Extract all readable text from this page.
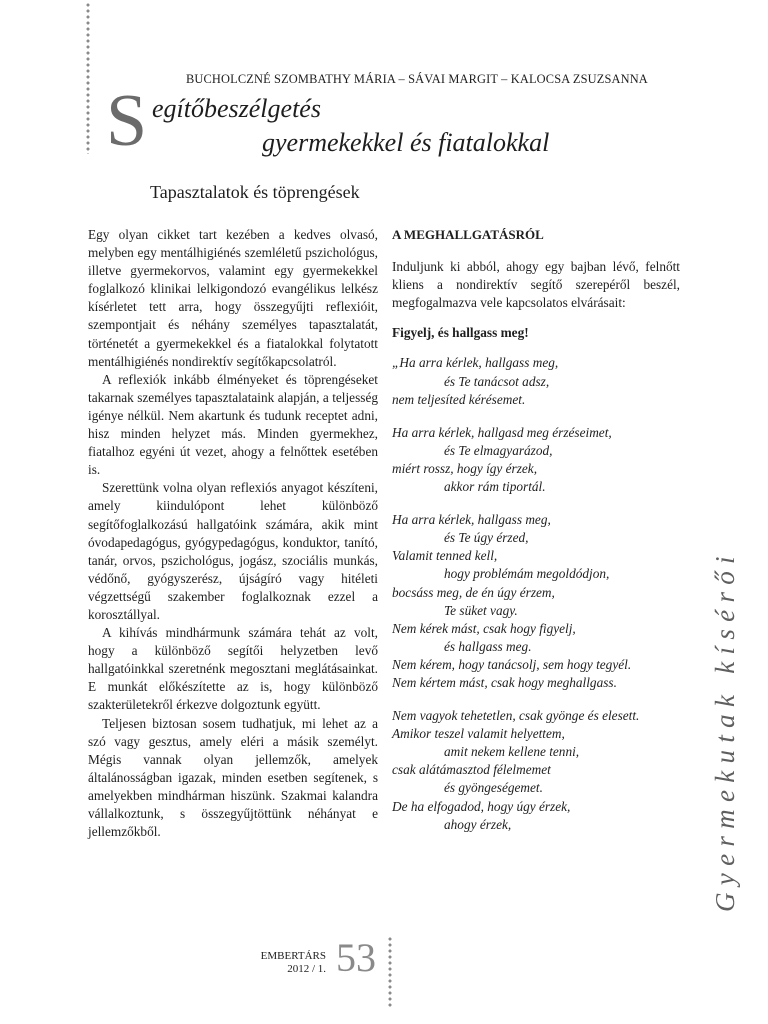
BUCHOLCZNÉ SZOMBATHY MÁRIA – SÁVAI MARGIT – KALOCSA ZSUZSANNA
S egítőbeszélgetés
gyermekekkel és fiatalokkal
Tapasztalatok és töprengések

Egy olyan cikket tart kezében a kedves olvasó, melyben egy mentálhigiénés szemléletű pszichológus, illetve gyermekorvos, valamint egy gyermekekkel foglalkozó klinikai lelkigondozó evangélikus lelkész kísérletet tett arra, hogy összegyűjti reflexióit, szempontjait és néhány személyes tapasztalatát, történetét a gyermekekkel és a fiatalokkal folytatott mentálhigiénés nondirektív segítőkapcsolatról.

A reflexiók inkább élményeket és töprengéseket takarnak személyes tapasztalataink alapján, a teljesség igénye nélkül. Nem akartunk és tudunk receptet adni, hisz minden helyzet más. Minden gyermekhez, fiatalhoz egyéni út vezet, ahogy a felnőttek esetében is.

Szerettünk volna olyan reflexiós anyagot készíteni, amely kiindulópont lehet különböző segítőfoglalkozású hallgatóink számára, akik mint óvodapedagógus, gyógypedagógus, konduktor, tanító, tanár, orvos, pszichológus, jogász, szociális munkás, védőnő, gyógyszerész, újságíró vagy hitéleti végzettségű szakember foglalkoznak ezzel a korosztállyal.

A kihívás mindhármunk számára tehát az volt, hogy a különböző segítői helyzetben levő hallgatóinkkal szeretnénk megosztani meglátásainkat. E munkát előkészítette az is, hogy különböző szakterületekről érkezve dolgoztunk együtt.

Teljesen biztosan sosem tudhatjuk, mi lehet az a szó vagy gesztus, amely eléri a másik személyt. Mégis vannak olyan jellemzők, amelyek általánosságban igazak, minden esetben segítenek, s amelyekben mindhárman hiszünk. Szakmai kalandra vállalkoztunk, s összegyűjtöttünk néhányat e jellemzőkből.

A MEGHALLGATÁSRÓL

Induljunk ki abból, ahogy egy bajban lévő, felnőtt kliens a nondirektív segítő szerepéről beszél, megfogalmazva vele kapcsolatos elvárásait:

Figyelj, és hallgass meg!
„Ha arra kérlek, hallgass meg,
és Te tanácsot adsz,
nem teljesíted kérésemet.
Ha arra kérlek, hallgasd meg érzéseimet,
és Te elmagyarázod,
miért rossz, hogy így érzek,
akkor rám tiportál.
Ha arra kérlek, hallgass meg,
és Te úgy érzed,
Valamit tenned kell,
hogy problémám megoldódjon,
bocsáss meg, de én úgy érzem,
Te süket vagy.
Nem kérek mást, csak hogy figyelj,
és hallgass meg.
Nem kérem, hogy tanácsolj, sem hogy tegyél.
Nem kértem mást, csak hogy meghallgass.
Nem vagyok tehetetlen, csak gyönge és elesett.
Amikor teszel valamit helyettem,
amit nekem kellene tenni,
csak alátámasztod félelmemet
és gyöngeségemet.
De ha elfogadod, hogy úgy érzek,
ahogy érzek,	Gyermekutak kísérői
EMBERTÁRS
2012 / 1. 53
